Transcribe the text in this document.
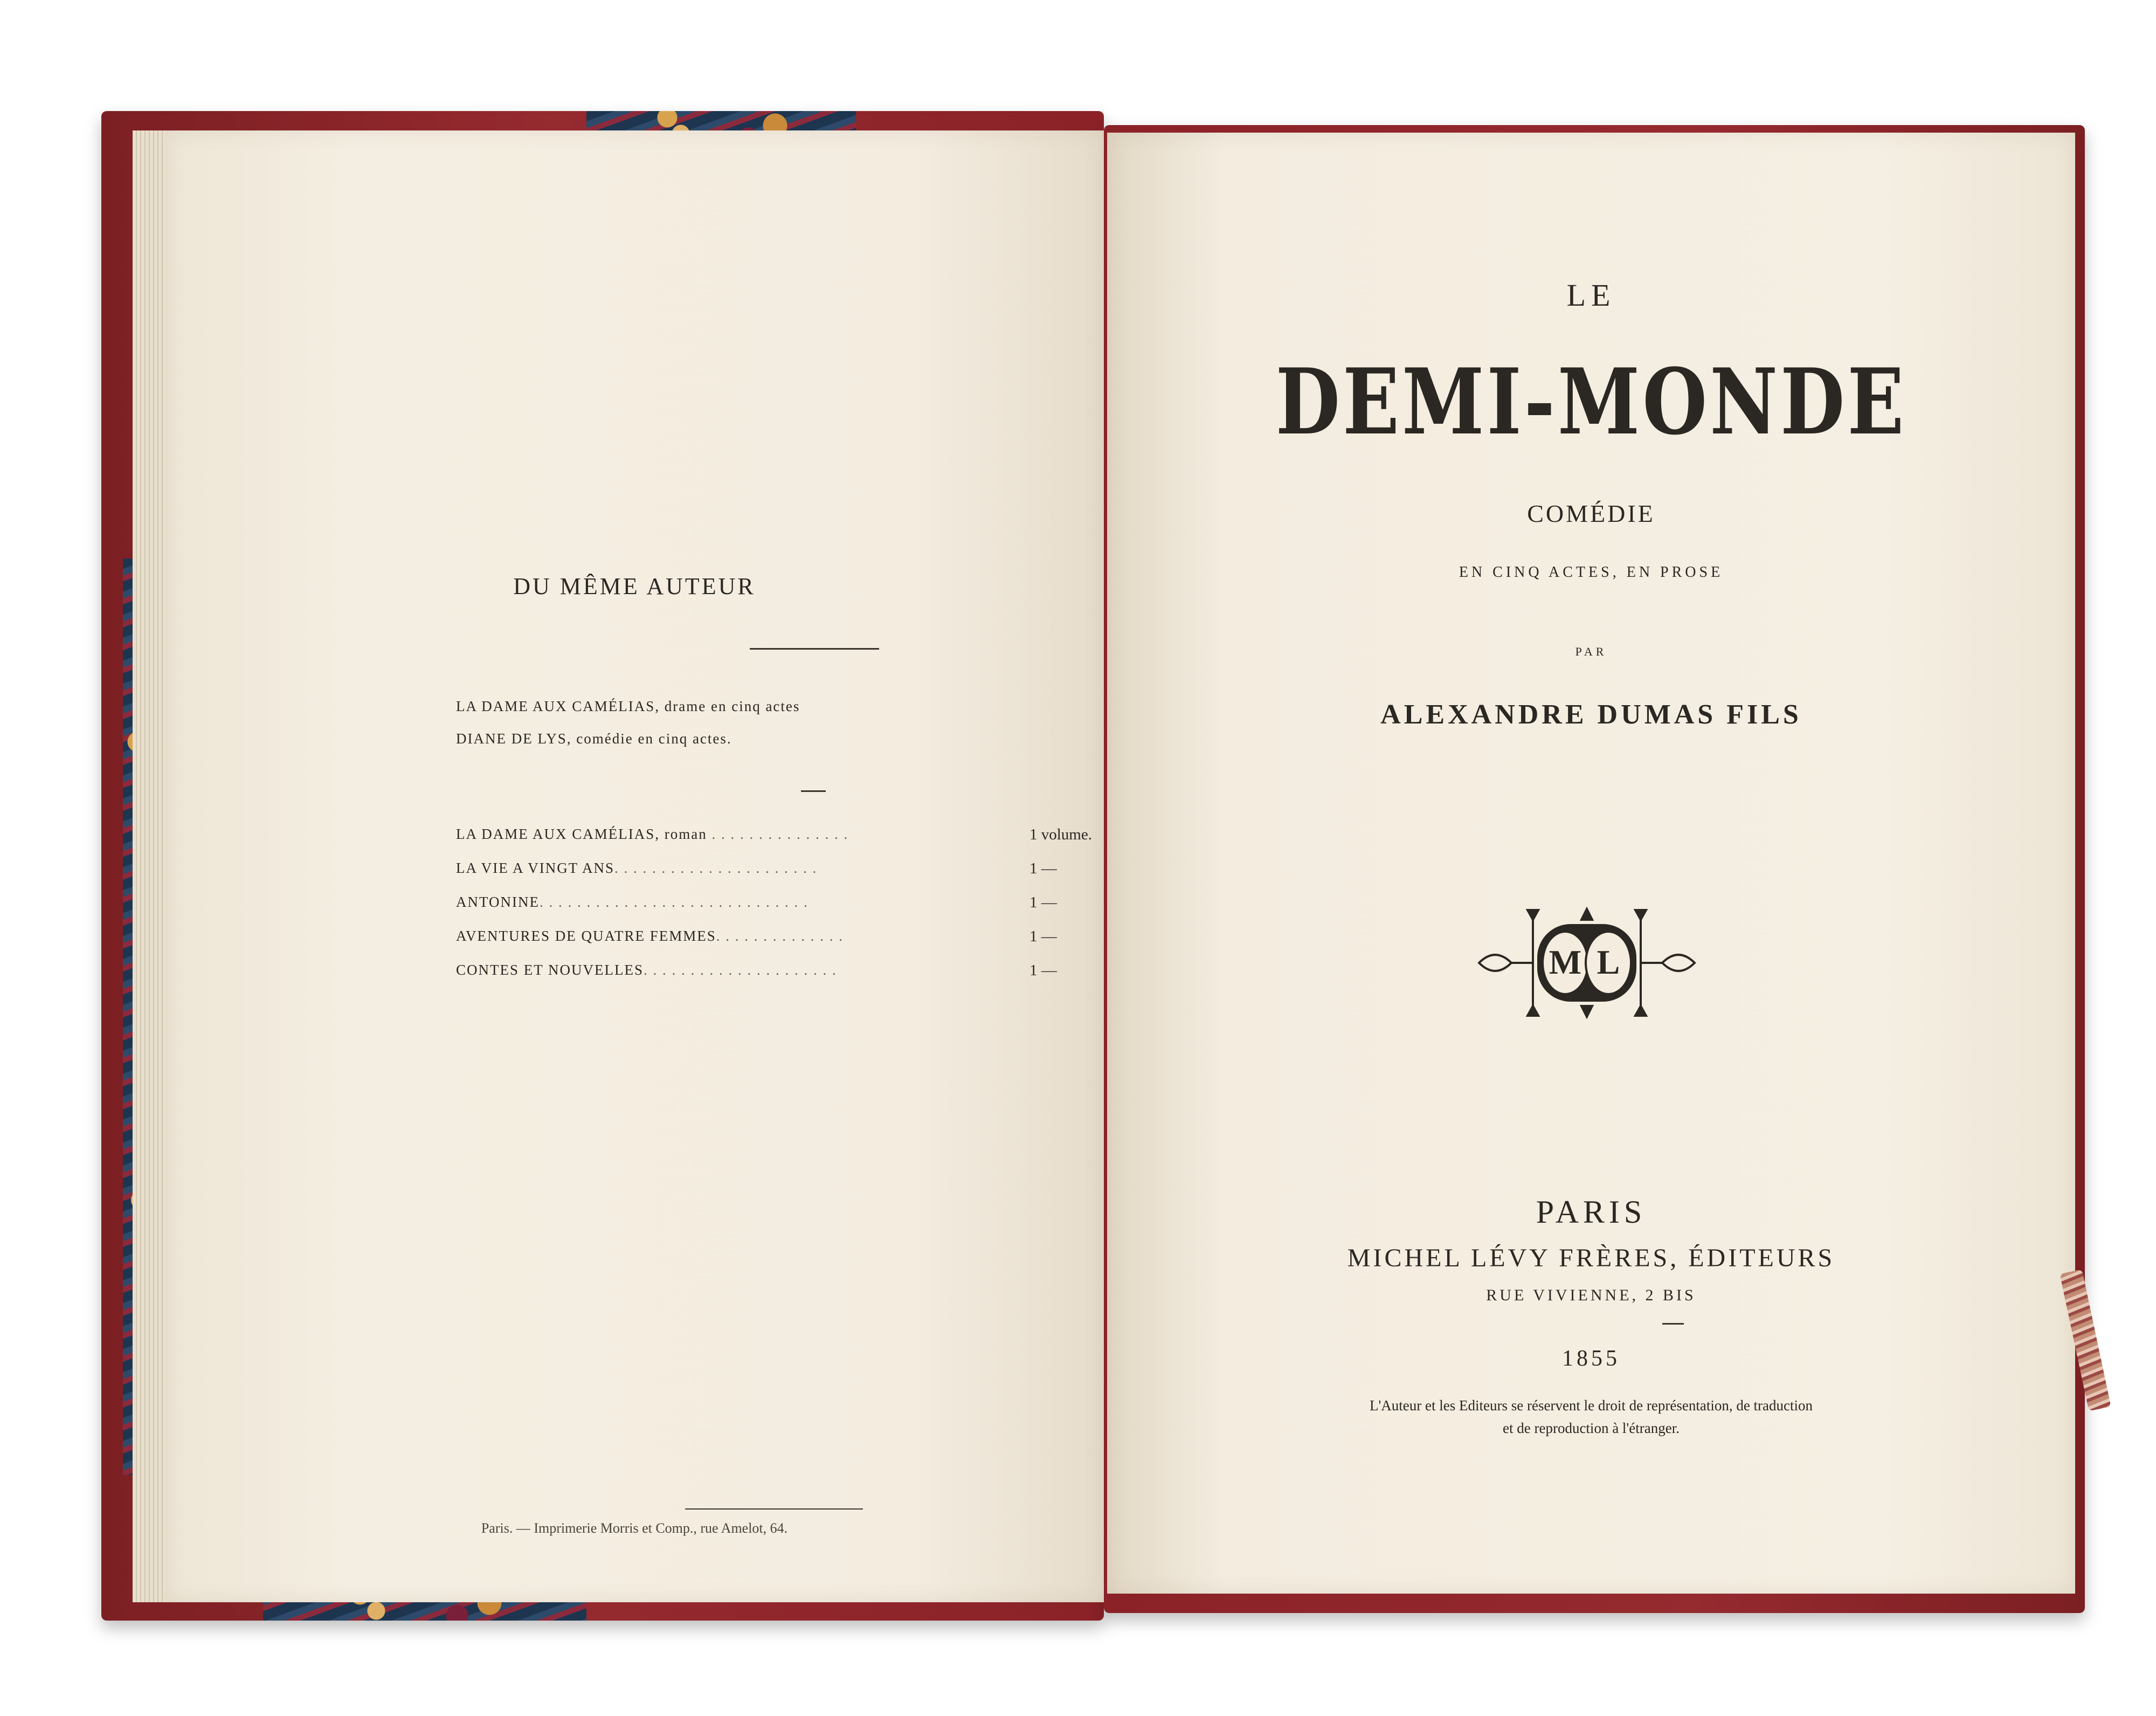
DU MÊME AUTEUR
LA DAME AUX CAMÉLIAS, drame en cinq actes
DIANE DE LYS, comédie en cinq actes.
LA DAME AUX CAMÉLIAS, roman . . . . . . . . . . . . . . .	1 volume.
LA VIE A VINGT ANS. . . . . . . . . . . . . . . . . . . . . .	1 —
ANTONINE. . . . . . . . . . . . . . . . . . . . . . . . . . . . .	1 —
AVENTURES DE QUATRE FEMMES. . . . . . . . . . . . . .	1 —
CONTES ET NOUVELLES. . . . . . . . . . . . . . . . . . . . .	1 —
Paris. — Imprimerie Morris et Comp., rue Amelot, 64.
LE
DEMI-MONDE
COMÉDIE
EN CINQ ACTES, EN PROSE
PAR
ALEXANDRE DUMAS FILS
M L
PARIS
MICHEL LÉVY FRÈRES, ÉDITEURS
RUE VIVIENNE, 2 BIS
1855
L'Auteur et les Editeurs se réservent le droit de représentation, de traduction
et de reproduction à l'étranger.
